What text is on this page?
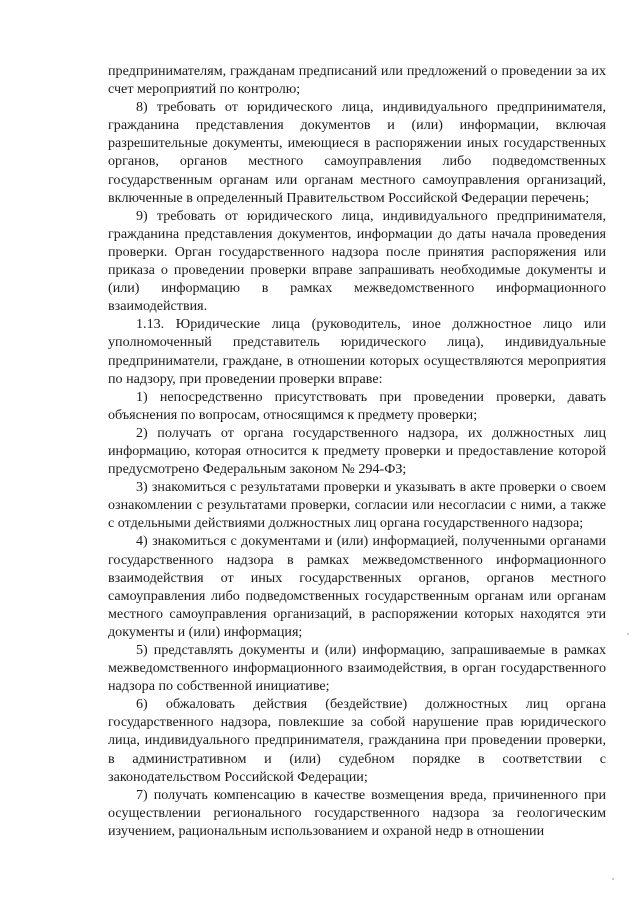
предпринимателям, гражданам предписаний или предложений о проведении за их счет мероприятий по контролю;

8) требовать от юридического лица, индивидуального предпринимателя, гражданина представления документов и (или) информации, включая разрешительные документы, имеющиеся в распоряжении иных государственных органов, органов местного самоуправления либо подведомственных государственным органам или органам местного самоуправления организаций, включенные в определенный Правительством Российской Федерации перечень;

9) требовать от юридического лица, индивидуального предпринимателя, гражданина представления документов, информации до даты начала проведения проверки. Орган государственного надзора после принятия распоряжения или приказа о проведении проверки вправе запрашивать необходимые документы и (или) информацию в рамках межведомственного информационного взаимодействия.

1.13. Юридические лица (руководитель, иное должностное лицо или уполномоченный представитель юридического лица), индивидуальные предприниматели, граждане, в отношении которых осуществляются мероприятия по надзору, при проведении проверки вправе:

1) непосредственно присутствовать при проведении проверки, давать объяснения по вопросам, относящимся к предмету проверки;

2) получать от органа государственного надзора, их должностных лиц информацию, которая относится к предмету проверки и предоставление которой предусмотрено Федеральным законом № 294-ФЗ;

3) знакомиться с результатами проверки и указывать в акте проверки о своем ознакомлении с результатами проверки, согласии или несогласии с ними, а также с отдельными действиями должностных лиц органа государственного надзора;

4) знакомиться с документами и (или) информацией, полученными органами государственного надзора в рамках межведомственного информационного взаимодействия от иных государственных органов, органов местного самоуправления либо подведомственных государственным органам или органам местного самоуправления организаций, в распоряжении которых находятся эти документы и (или) информация;

5) представлять документы и (или) информацию, запрашиваемые в рамках межведомственного информационного взаимодействия, в орган государственного надзора по собственной инициативе;

6) обжаловать действия (бездействие) должностных лиц органа государственного надзора, повлекшие за собой нарушение прав юридического лица, индивидуального предпринимателя, гражданина при проведении проверки, в административном и (или) судебном порядке в соответствии с законодательством Российской Федерации;

7) получать компенсацию в качестве возмещения вреда, причиненного при осуществлении регионального государственного надзора за геологическим изучением, рациональным использованием и охраной недр в отношении
